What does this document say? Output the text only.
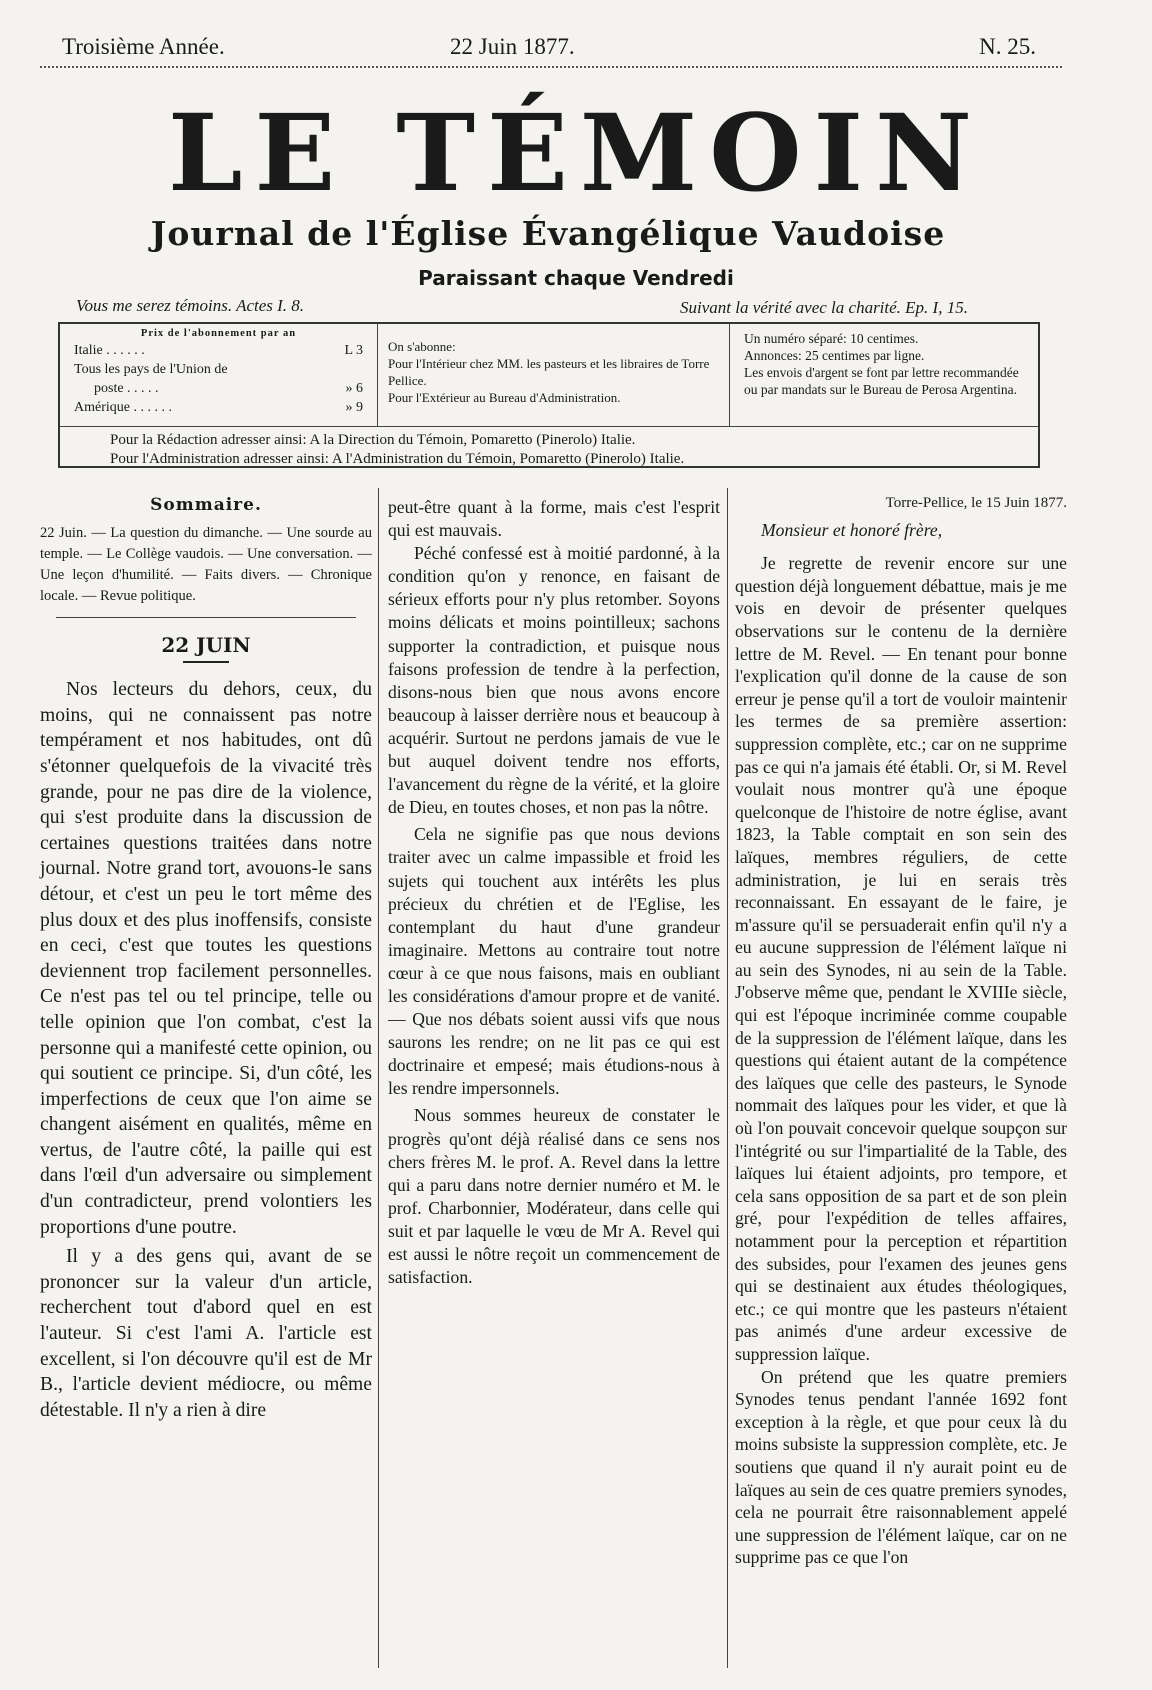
Troisième Année.	22 Juin 1877.	N. 25.
LE TÉMOIN
Journal de l'Église Évangélique Vaudoise
Paraissant chaque Vendredi
Vous me serez témoins. Actes I. 8.	Suivant la vérité avec la charité. Ep. I, 15.
Prix de l'abonnement par an
Italie . . . . . .	L 3
Tous les pays de l'Union de
poste . . . . .	» 6
Amérique . . . . . .	» 9
On s'abonne:
Pour l'Intérieur chez MM. les pasteurs et les libraires de Torre Pellice.
Pour l'Extérieur au Bureau d'Administration.
Un numéro séparé: 10 centimes.
Annonces: 25 centimes par ligne.
Les envois d'argent se font par lettre recommandée ou par mandats sur le Bureau de Perosa Argentina.
Pour la Rédaction adresser ainsi: A la Direction du Témoin, Pomaretto (Pinerolo) Italie.
Pour l'Administration adresser ainsi: A l'Administration du Témoin, Pomaretto (Pinerolo) Italie.
Sommaire.
22 Juin. — La question du dimanche. — Une sourde au temple. — Le Collège vaudois. — Une conversation. — Une leçon d'humilité. — Faits divers. — Chronique locale. — Revue politique.
22 JUIN

Nos lecteurs du dehors, ceux, du moins, qui ne connaissent pas notre tempérament et nos habitudes, ont dû s'étonner quelquefois de la vivacité très grande, pour ne pas dire de la violence, qui s'est produite dans la discussion de certaines questions traitées dans notre journal. Notre grand tort, avouons-le sans détour, et c'est un peu le tort même des plus doux et des plus inoffensifs, consiste en ceci, c'est que toutes les questions deviennent trop facilement personnelles. Ce n'est pas tel ou tel principe, telle ou telle opinion que l'on combat, c'est la personne qui a manifesté cette opinion, ou qui soutient ce principe. Si, d'un côté, les imperfections de ceux que l'on aime se changent aisément en qualités, même en vertus, de l'autre côté, la paille qui est dans l'œil d'un adversaire ou simplement d'un contradicteur, prend volontiers les proportions d'une poutre.

Il y a des gens qui, avant de se prononcer sur la valeur d'un article, recherchent tout d'abord quel en est l'auteur. Si c'est l'ami A. l'article est excellent, si l'on découvre qu'il est de Mr B., l'article devient médiocre, ou même détestable. Il n'y a rien à dire

peut-être quant à la forme, mais c'est l'esprit qui est mauvais.

Péché confessé est à moitié pardonné, à la condition qu'on y renonce, en faisant de sérieux efforts pour n'y plus retomber. Soyons moins délicats et moins pointilleux; sachons supporter la contradiction, et puisque nous faisons profession de tendre à la perfection, disons-nous bien que nous avons encore beaucoup à laisser derrière nous et beaucoup à acquérir. Surtout ne perdons jamais de vue le but auquel doivent tendre nos efforts, l'avancement du règne de la vérité, et la gloire de Dieu, en toutes choses, et non pas la nôtre.

Cela ne signifie pas que nous devions traiter avec un calme impassible et froid les sujets qui touchent aux intérêts les plus précieux du chrétien et de l'Eglise, les contemplant du haut d'une grandeur imaginaire. Mettons au contraire tout notre cœur à ce que nous faisons, mais en oubliant les considérations d'amour propre et de vanité. — Que nos débats soient aussi vifs que nous saurons les rendre; on ne lit pas ce qui est doctrinaire et empesé; mais étudions-nous à les rendre impersonnels.

Nous sommes heureux de constater le progrès qu'ont déjà réalisé dans ce sens nos chers frères M. le prof. A. Revel dans la lettre qui a paru dans notre dernier numéro et M. le prof. Charbonnier, Modérateur, dans celle qui suit et par laquelle le vœu de Mr A. Revel qui est aussi le nôtre reçoit un commencement de satisfaction.

Torre-Pellice, le 15 Juin 1877.

Monsieur et honoré frère,

Je regrette de revenir encore sur une question déjà longuement débattue, mais je me vois en devoir de présenter quelques observations sur le contenu de la dernière lettre de M. Revel. — En tenant pour bonne l'explication qu'il donne de la cause de son erreur je pense qu'il a tort de vouloir maintenir les termes de sa première assertion: suppression complète, etc.; car on ne supprime pas ce qui n'a jamais été établi. Or, si M. Revel voulait nous montrer qu'à une époque quelconque de l'histoire de notre église, avant 1823, la Table comptait en son sein des laïques, membres réguliers, de cette administration, je lui en serais très reconnaissant. En essayant de le faire, je m'assure qu'il se persuaderait enfin qu'il n'y a eu aucune suppression de l'élément laïque ni au sein des Synodes, ni au sein de la Table. J'observe même que, pendant le XVIIIe siècle, qui est l'époque incriminée comme coupable de la suppression de l'élément laïque, dans les questions qui étaient autant de la compétence des laïques que celle des pasteurs, le Synode nommait des laïques pour les vider, et que là où l'on pouvait concevoir quelque soupçon sur l'intégrité ou sur l'impartialité de la Table, des laïques lui étaient adjoints, pro tempore, et cela sans opposition de sa part et de son plein gré, pour l'expédition de telles affaires, notamment pour la perception et répartition des subsides, pour l'examen des jeunes gens qui se destinaient aux études théologiques, etc.; ce qui montre que les pasteurs n'étaient pas animés d'une ardeur excessive de suppression laïque.

On prétend que les quatre premiers Synodes tenus pendant l'année 1692 font exception à la règle, et que pour ceux là du moins subsiste la suppression complète, etc. Je soutiens que quand il n'y aurait point eu de laïques au sein de ces quatre premiers synodes, cela ne pourrait être raisonnablement appelé une suppression de l'élément laïque, car on ne supprime pas ce que l'on
